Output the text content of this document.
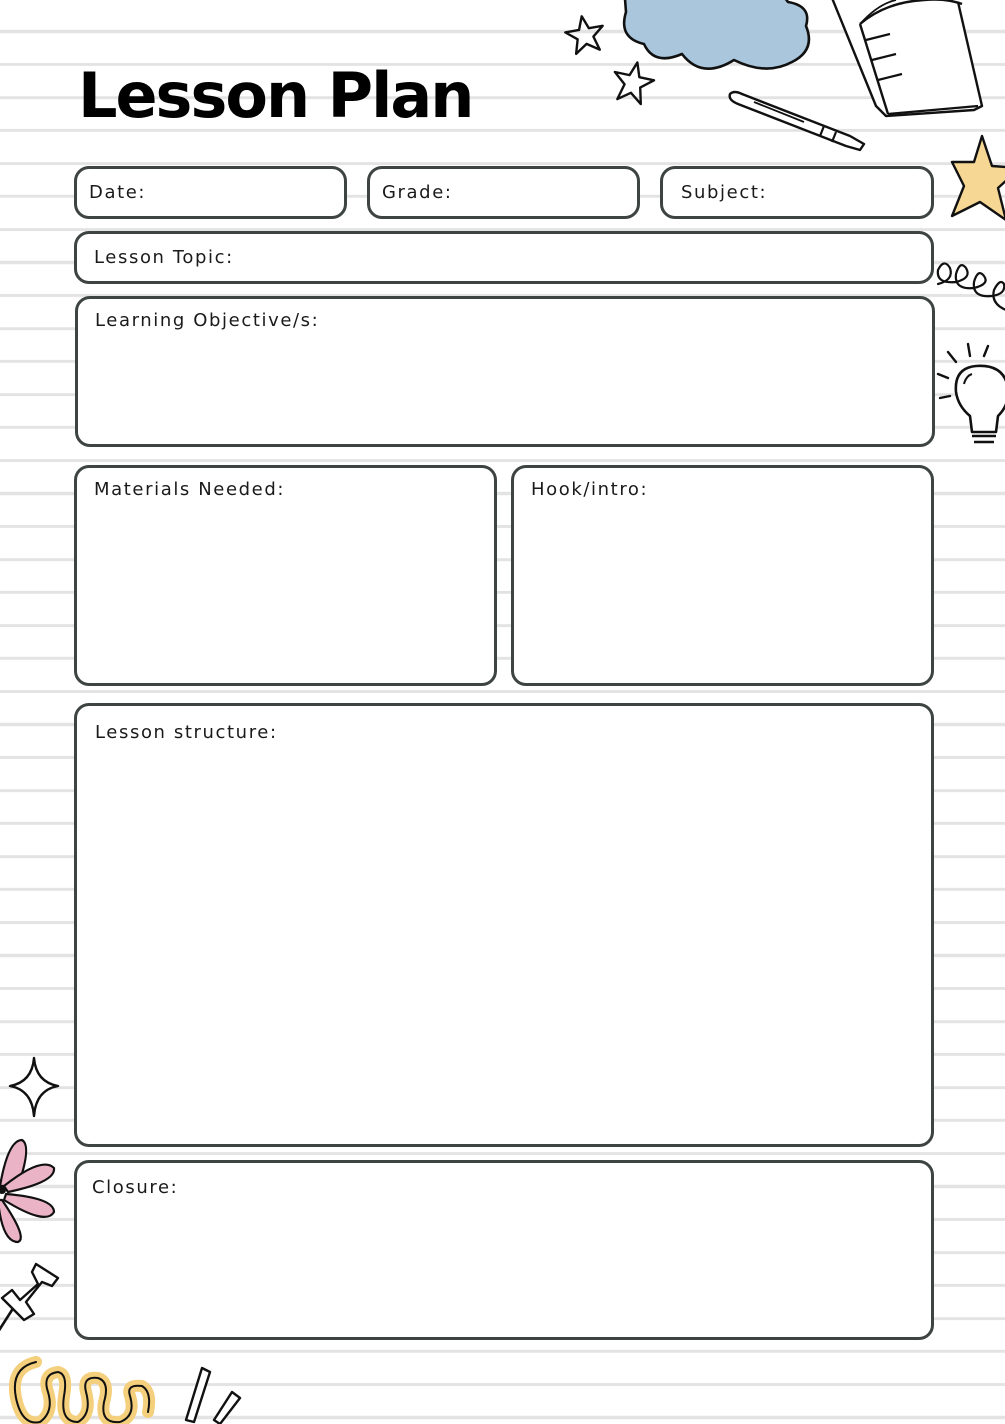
Lesson Plan
Date:	Grade:	Subject:
Lesson Topic:
Learning Objective/s:
Materials Needed:	Hook/intro:
Lesson structure:
Closure:
